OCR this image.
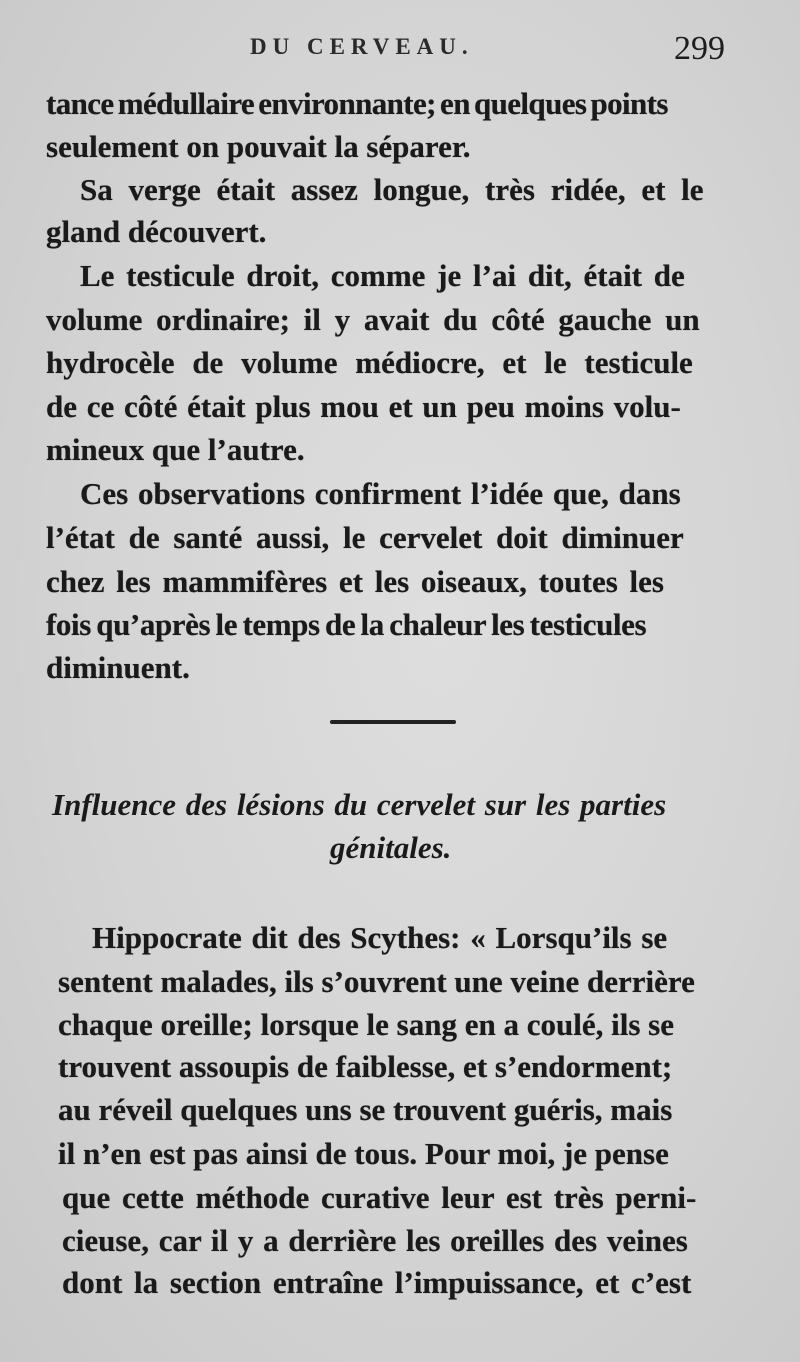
DU CERVEAU.	299
tance médullaire environnante; en quelques points
seulement on pouvait la séparer.
Sa verge était assez longue, très ridée, et le
gland découvert.
Le testicule droit, comme je l’ai dit, était de
volume ordinaire; il y avait du côté gauche un
hydrocèle de volume médiocre, et le testicule
de ce côté était plus mou et un peu moins volu-
mineux que l’autre.
Ces observations confirment l’idée que, dans
l’état de santé aussi, le cervelet doit diminuer
chez les mammifères et les oiseaux, toutes les
fois qu’après le temps de la chaleur les testicules
diminuent.
Influence des lésions du cervelet sur les parties
génitales.
Hippocrate dit des Scythes: « Lorsqu’ils se
sentent malades, ils s’ouvrent une veine derrière
chaque oreille; lorsque le sang en a coulé, ils se
trouvent assoupis de faiblesse, et s’endorment;
au réveil quelques uns se trouvent guéris, mais
il n’en est pas ainsi de tous. Pour moi, je pense
que cette méthode curative leur est très perni-
cieuse, car il y a derrière les oreilles des veines
dont la section entraîne l’impuissance, et c’est
